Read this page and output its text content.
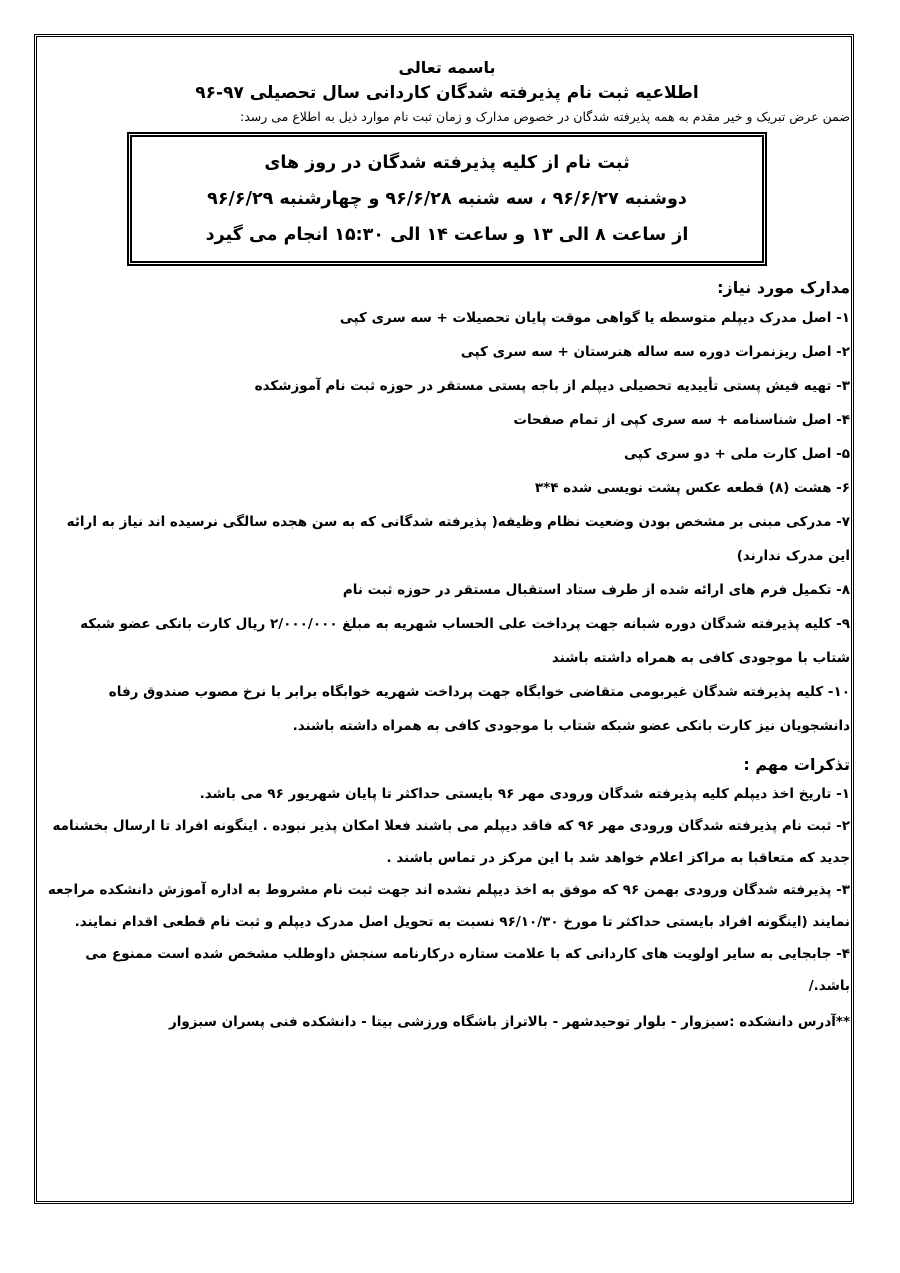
باسمه تعالی
اطلاعیه ثبت نام پذیرفته شدگان کاردانی سال تحصیلی ۹۷-۹۶
ضمن عرض تبریک و خیر مقدم به همه پذیرفته شدگان در خصوص مدارک و زمان ثبت نام موارد ذیل به اطلاع می رسد:
ثبت نام از کلیه پذیرفته شدگان در روز های
دوشنبه ۹۶/۶/۲۷ ، سه شنبه ۹۶/۶/۲۸ و چهارشنبه ۹۶/۶/۲۹
از ساعت ۸ الی ۱۳ و ساعت ۱۴ الی ۱۵:۳۰ انجام می گیرد
مدارک مورد نیاز:

۱- اصل مدرک دیپلم متوسطه یا گواهی موقت پایان تحصیلات + سه سری کپی

۲- اصل ریزنمرات دوره سه ساله هنرستان + سه سری کپی

۳- تهیه فیش پستی تأییدیه تحصیلی دیپلم از باجه پستی مستقر در حوزه ثبت نام آموزشکده

۴- اصل شناسنامه + سه سری کپی از تمام صفحات

۵- اصل کارت ملی + دو سری کپی

۶- هشت (۸) قطعه عکس پشت نویسی شده ۴*۳

۷- مدرکی مبنی بر مشخص بودن وضعیت نظام وظیفه( پذیرفته شدگانی که به سن هجده سالگی نرسیده اند نیاز به ارائه این مدرک ندارند)

۸- تکمیل فرم های ارائه شده از طرف ستاد استقبال مستقر در حوزه ثبت نام

۹- کلیه پذیرفته شدگان دوره شبانه جهت پرداخت علی الحساب شهریه به مبلغ ۲/۰۰۰/۰۰۰ ریال کارت بانکی عضو شبکه شتاب با موجودی کافی به همراه داشته باشند

۱۰- کلیه پذیرفته شدگان غیربومی متقاضی خوابگاه جهت پرداخت شهریه خوابگاه برابر با نرخ مصوب صندوق رفاه دانشجویان نیز کارت بانکی عضو شبکه شتاب با موجودی کافی به همراه داشته باشند.

تذکرات مهم :

۱- تاریخ اخذ دیپلم کلیه پذیرفته شدگان ورودی مهر ۹۶ بایستی حداکثر تا پایان شهریور ۹۶ می باشد.

۲- ثبت نام پذیرفته شدگان ورودی مهر ۹۶ که فاقد دیپلم می باشند فعلا امکان پذیر نبوده . اینگونه افراد تا ارسال بخشنامه جدید که متعاقبا به مراکز اعلام خواهد شد با این مرکز در تماس باشند .

۳- پذیرفته شدگان ورودی بهمن ۹۶ که موفق به اخذ دیپلم نشده اند جهت ثبت نام مشروط به اداره آموزش دانشکده مراجعه نمایند (اینگونه افراد بایستی حداکثر تا مورخ ۹۶/۱۰/۳۰ نسبت به تحویل اصل مدرک دیپلم و ثبت نام قطعی اقدام نمایند.

۴- جابجایی به سایر اولویت های کاردانی که با علامت ستاره درکارنامه سنجش داوطلب مشخص شده است ممنوع می باشد./

**آدرس دانشکده :سبزوار - بلوار توحیدشهر - بالاتراز باشگاه ورزشی بیتا - دانشکده فنی پسران سبزوار
